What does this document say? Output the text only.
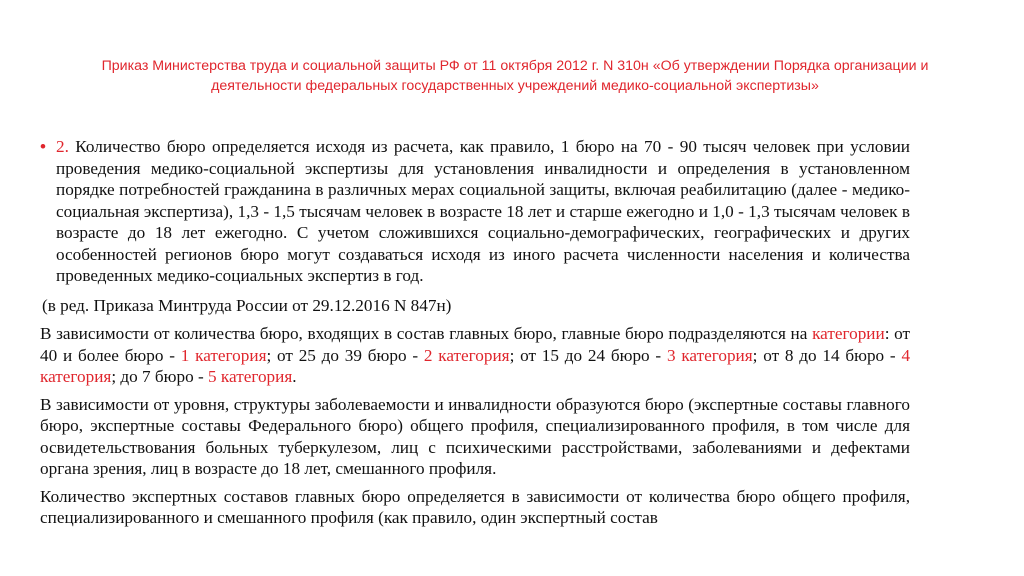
Приказ Министерства труда и социальной защиты РФ от 11 октября 2012 г. N 310н «Об утверждении Порядка организации и деятельности федеральных государственных учреждений медико-социальной экспертизы»

• 2. Количество бюро определяется исходя из расчета, как правило, 1 бюро на 70 - 90 тысяч человек при условии проведения медико-социальной экспертизы для установления инвалидности и определения в установленном порядке потребностей гражданина в различных мерах социальной защиты, включая реабилитацию (далее - медико-социальная экспертиза), 1,3 - 1,5 тысячам человек в возрасте 18 лет и старше ежегодно и 1,0 - 1,3 тысячам человек в возрасте до 18 лет ежегодно. С учетом сложившихся социально-демографических, географических и других особенностей регионов бюро могут создаваться исходя из иного расчета численности населения и количества проведенных медико-социальных экспертиз в год.

(в ред. Приказа Минтруда России от 29.12.2016 N 847н)

В зависимости от количества бюро, входящих в состав главных бюро, главные бюро подразделяются на категории: от 40 и более бюро - 1 категория; от 25 до 39 бюро - 2 категория; от 15 до 24 бюро - 3 категория; от 8 до 14 бюро - 4 категория; до 7 бюро - 5 категория.

В зависимости от уровня, структуры заболеваемости и инвалидности образуются бюро (экспертные составы главного бюро, экспертные составы Федерального бюро) общего профиля, специализированного профиля, в том числе для освидетельствования больных туберкулезом, лиц с психическими расстройствами, заболеваниями и дефектами органа зрения, лиц в возрасте до 18 лет, смешанного профиля.

Количество экспертных составов главных бюро определяется в зависимости от количества бюро общего профиля, специализированного и смешанного профиля (как правило, один экспертный состав
